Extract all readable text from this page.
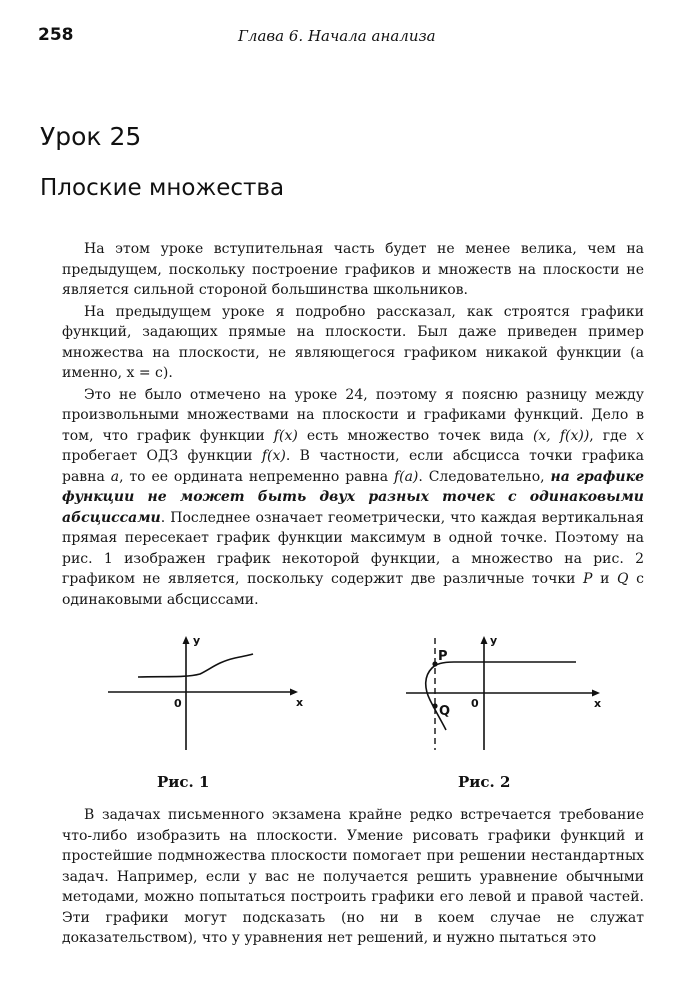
258	Глава 6. Начала анализа
Урок 25
Плоские множества

На этом уроке вступительная часть будет не менее велика, чем на предыдущем, поскольку построение графиков и множеств на плоскости не является сильной стороной большинства школьников.

На предыдущем уроке я подробно рассказал, как строятся графики функций, задающих прямые на плоскости. Был даже приведен пример множества на плоскости, не являющегося графиком никакой функции (а именно, x = c).

Это не было отмечено на уроке 24, поэтому я поясню разницу между произвольными множествами на плоскости и графиками функций. Дело в том, что график функции f(x) есть множество точек вида (x, f(x)), где x пробегает ОДЗ функции f(x). В частности, если абсцисса точки графика равна a, то ее ордината непременно равна f(a). Следовательно, на графике функции не может быть двух разных точек с одинаковыми абсциссами. Последнее означает геометрически, что каждая вертикальная прямая пересекает график функции максимум в одной точке. Поэтому на рис. 1 изображен график некоторой функции, а множество на рис. 2 графиком не является, поскольку содержит две различные точки P и Q с одинаковыми абсциссами.

y
x
0
P
Q
y
x
0
Рис. 1	Рис. 2

В задачах письменного экзамена крайне редко встречается требование что-либо изобразить на плоскости. Умение рисовать графики функций и простейшие подмножества плоскости помогает при решении нестандартных задач. Например, если у вас не получается решить уравнение обычными методами, можно попытаться построить графики его левой и правой частей. Эти графики могут подсказать (но ни в коем случае не служат доказательством), что у уравнения нет решений, и нужно пытаться это
